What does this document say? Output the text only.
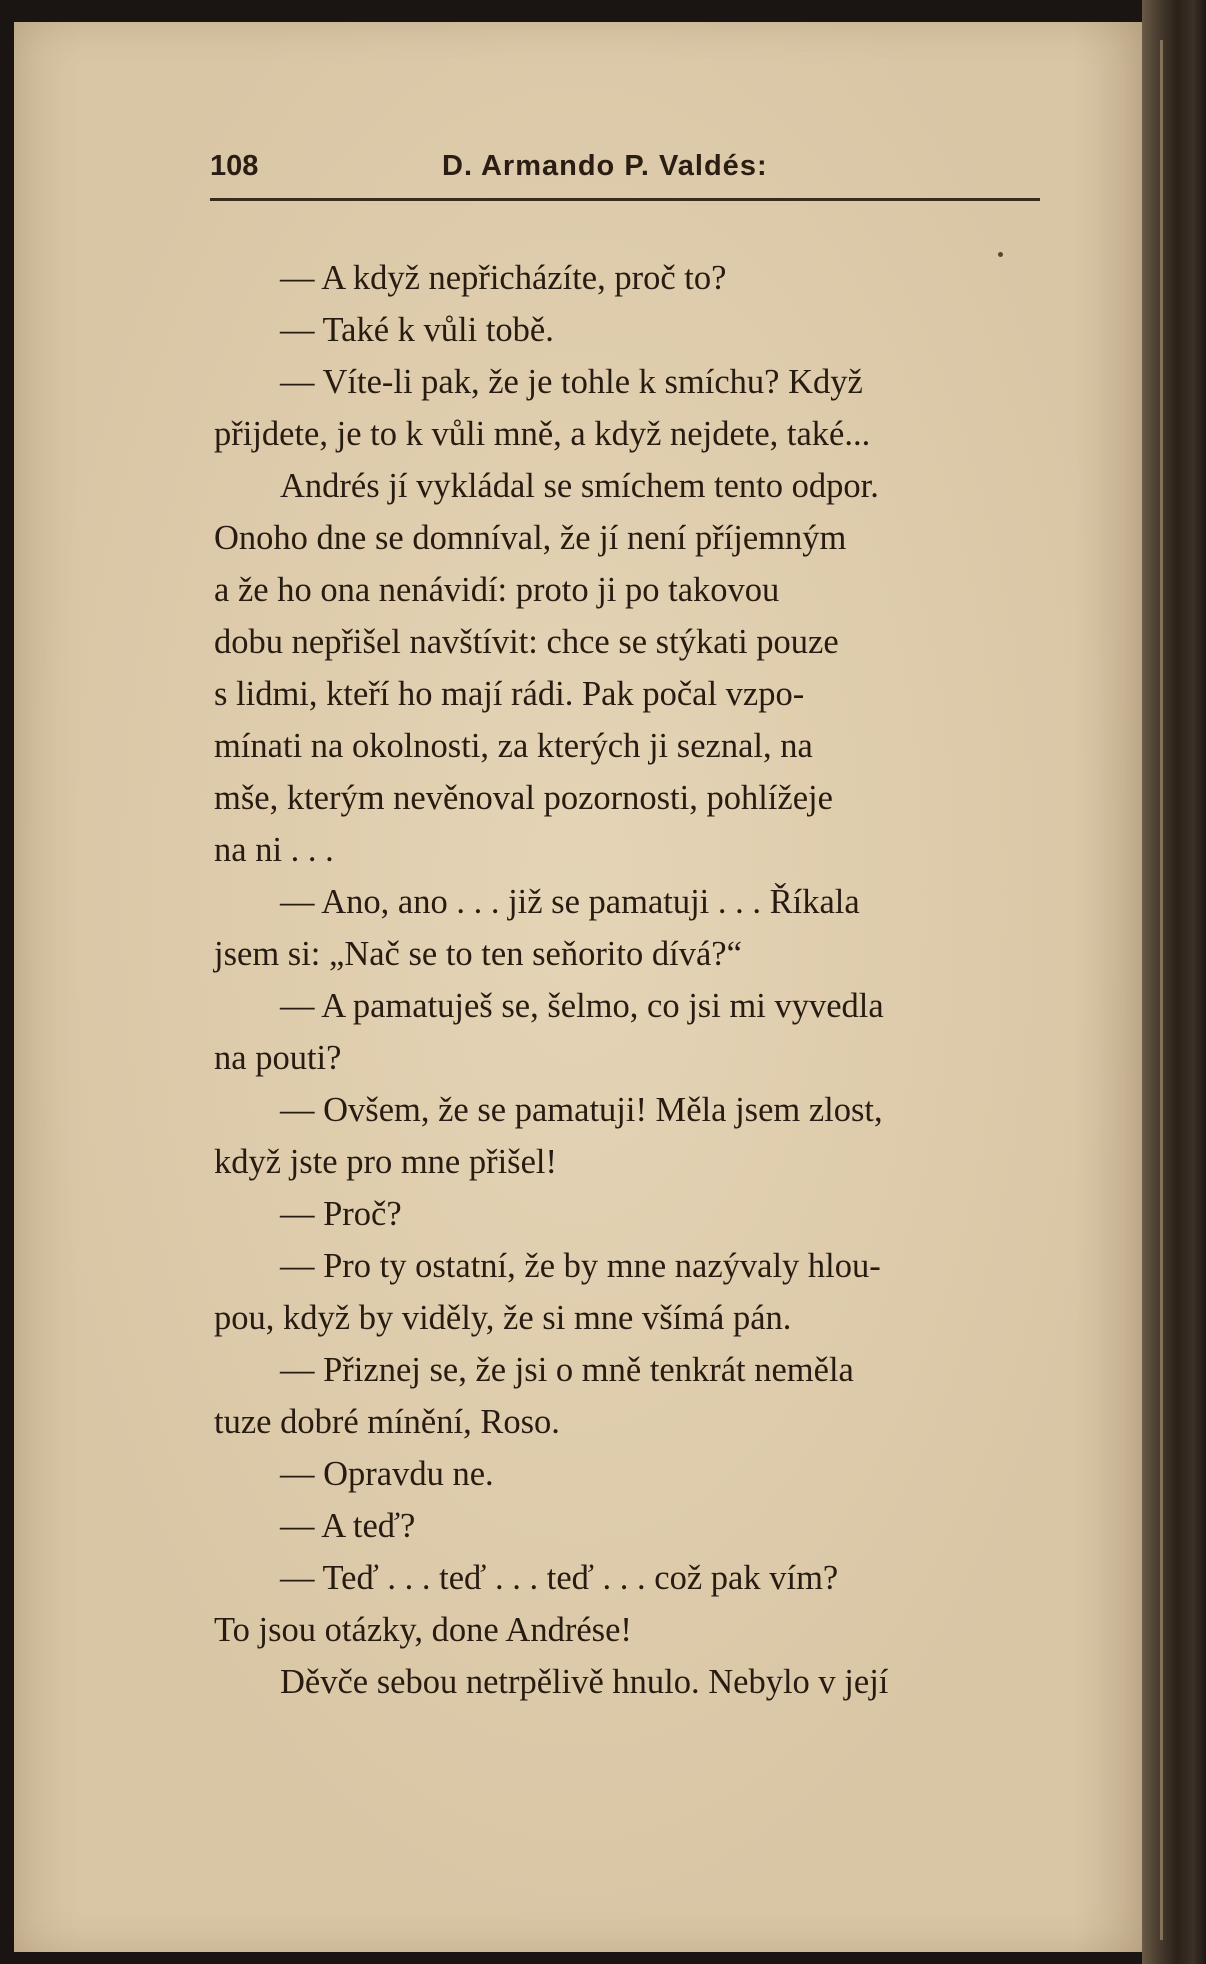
108	D. Armando P. Valdés:
— A když nepřicházíte, proč to?
— Také k vůli tobě.
— Víte-li pak, že je tohle k smíchu? Když
přijdete, je to k vůli mně, a když nejdete, také...
Andrés jí vykládal se smíchem tento odpor.
Onoho dne se domníval, že jí není příjemným
a že ho ona nenávidí: proto ji po takovou
dobu nepřišel navštívit: chce se stýkati pouze
s lidmi, kteří ho mají rádi. Pak počal vzpo-
mínati na okolnosti, za kterých ji seznal, na
mše, kterým nevěnoval pozornosti, pohlížeje
na ni . . .
— Ano, ano . . . již se pamatuji . . . Říkala
jsem si: „Nač se to ten seňorito dívá?“
— A pamatuješ se, šelmo, co jsi mi vyvedla
na pouti?
— Ovšem, že se pamatuji! Měla jsem zlost,
když jste pro mne přišel!
— Proč?
— Pro ty ostatní, že by mne nazývaly hlou-
pou, když by viděly, že si mne všímá pán.
— Přiznej se, že jsi o mně tenkrát neměla
tuze dobré mínění, Roso.
— Opravdu ne.
— A teď?
— Teď . . . teď . . . teď . . . což pak vím?
To jsou otázky, done Andrése!
Děvče sebou netrpělivě hnulo. Nebylo v její
